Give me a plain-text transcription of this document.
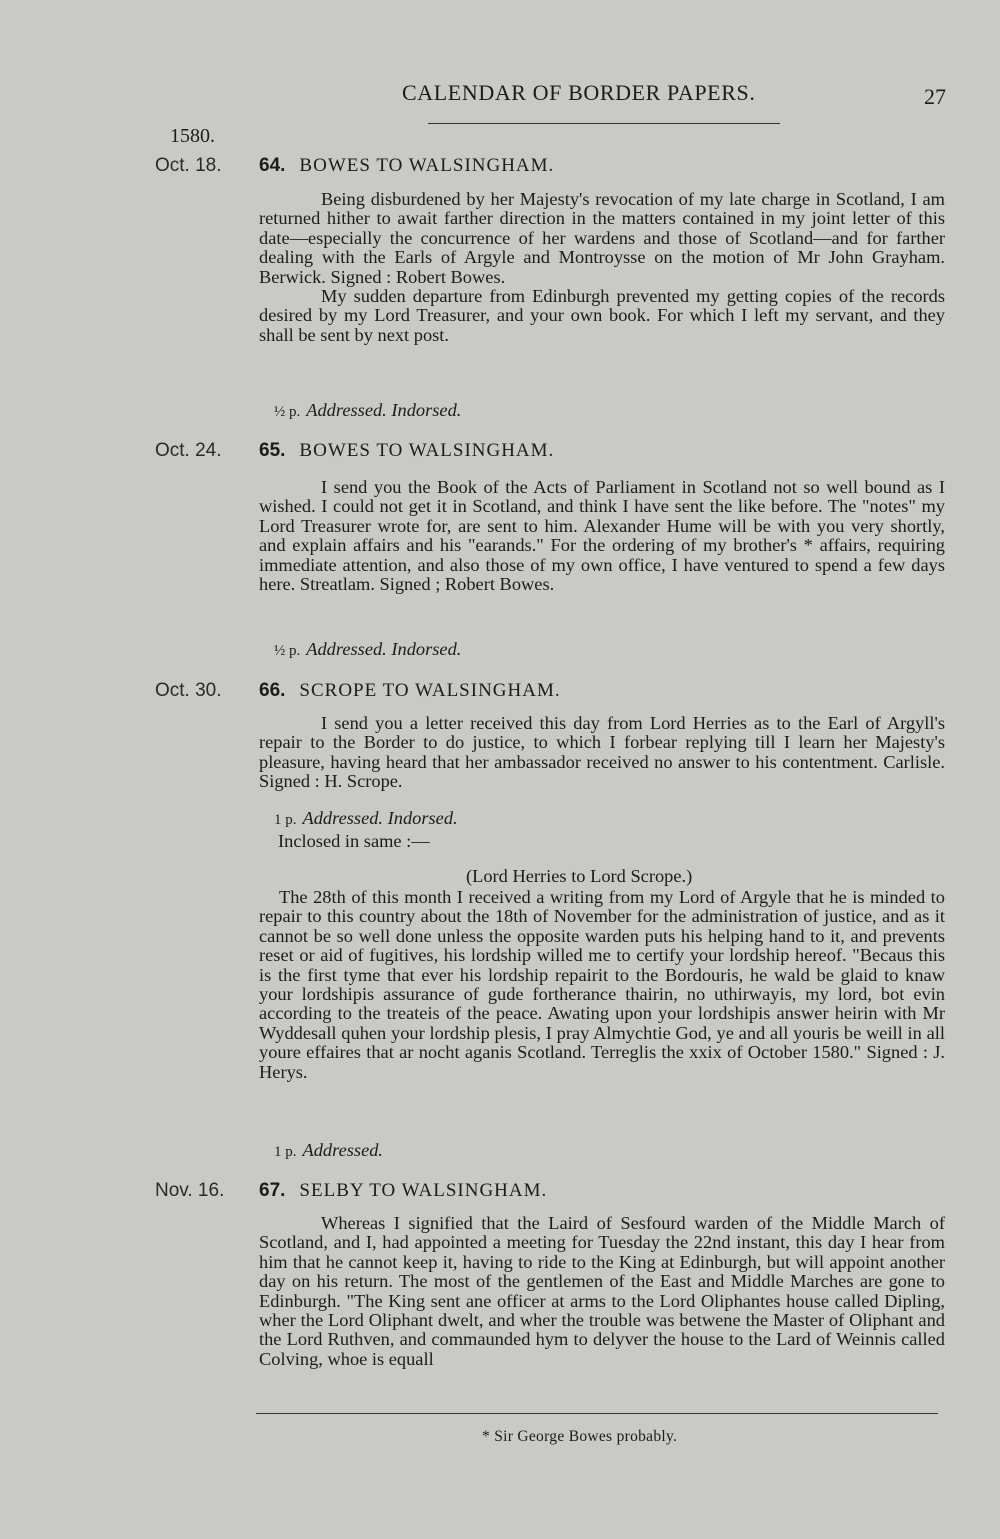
CALENDAR OF BORDER PAPERS.	27
1580.
Oct. 18. 64. BOWES TO WALSINGHAM.

Being disburdened by her Majesty's revocation of my late charge in Scotland, I am returned hither to await farther direction in the matters contained in my joint letter of this date—especially the concurrence of her wardens and those of Scotland—and for farther dealing with the Earls of Argyle and Montroysse on the motion of Mr John Grayham. Berwick. Signed : Robert Bowes.

My sudden departure from Edinburgh prevented my getting copies of the records desired by my Lord Treasurer, and your own book. For which I left my servant, and they shall be sent by next post.

½ p. Addressed. Indorsed.
Oct. 24. 65. BOWES TO WALSINGHAM.

I send you the Book of the Acts of Parliament in Scotland not so well bound as I wished. I could not get it in Scotland, and think I have sent the like before. The "notes" my Lord Treasurer wrote for, are sent to him. Alexander Hume will be with you very shortly, and explain affairs and his "earands." For the ordering of my brother's * affairs, requiring immediate attention, and also those of my own office, I have ventured to spend a few days here. Streatlam. Signed ; Robert Bowes.

½ p. Addressed. Indorsed.
Oct. 30. 66. SCROPE TO WALSINGHAM.

I send you a letter received this day from Lord Herries as to the Earl of Argyll's repair to the Border to do justice, to which I forbear replying till I learn her Majesty's pleasure, having heard that her ambassador received no answer to his contentment. Carlisle. Signed : H. Scrope.

1 p. Addressed. Indorsed.
Inclosed in same :—
(Lord Herries to Lord Scrope.)

The 28th of this month I received a writing from my Lord of Argyle that he is minded to repair to this country about the 18th of November for the administration of justice, and as it cannot be so well done unless the opposite warden puts his helping hand to it, and prevents reset or aid of fugitives, his lordship willed me to certify your lordship hereof. "Becaus this is the first tyme that ever his lordship repairit to the Bordouris, he wald be glaid to knaw your lordshipis assurance of gude fortherance thairin, no uthirwayis, my lord, bot evin according to the treateis of the peace. Awating upon your lordshipis answer heirin with Mr Wyddesall quhen your lordship plesis, I pray Almychtie God, ye and all youris be weill in all youre effaires that ar nocht aganis Scotland. Terreglis the xxix of October 1580." Signed : J. Herys.

1 p. Addressed.
Nov. 16. 67. SELBY TO WALSINGHAM.

Whereas I signified that the Laird of Sesfourd warden of the Middle March of Scotland, and I, had appointed a meeting for Tuesday the 22nd instant, this day I hear from him that he cannot keep it, having to ride to the King at Edinburgh, but will appoint another day on his return. The most of the gentlemen of the East and Middle Marches are gone to Edinburgh. "The King sent ane officer at arms to the Lord Oliphantes house called Dipling, wher the Lord Oliphant dwelt, and wher the trouble was betwene the Master of Oliphant and the Lord Ruthven, and commaunded hym to delyver the house to the Lard of Weinnis called Colving, whoe is equall

* Sir George Bowes probably.
